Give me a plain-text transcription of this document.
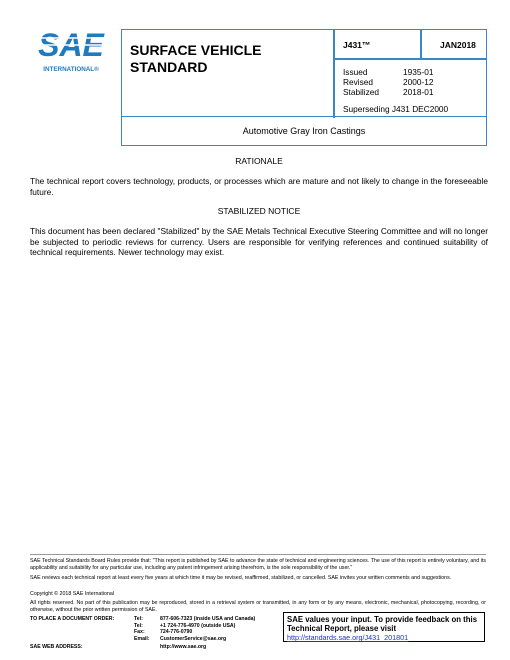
SAE
INTERNATIONAL®
SURFACE VEHICLE
STANDARD
J431™	JAN2018
Issued	1935-01
Revised	2000-12
Stabilized	2018-01
Superseding J431 DEC2000
Automotive Gray Iron Castings
RATIONALE
The technical report covers technology, products, or processes which are mature and not likely to change in the foreseeable future.
STABILIZED NOTICE
This document has been declared "Stabilized" by the SAE Metals Technical Executive Steering Committee and will no longer be subjected to periodic reviews for currency. Users are responsible for verifying references and continued suitability of technical requirements. Newer technology may exist.
SAE Technical Standards Board Rules provide that: "This report is published by SAE to advance the state of technical and engineering sciences. The use of this report is entirely voluntary, and its applicability and suitability for any particular use, including any patent infringement arising therefrom, is the sole responsibility of the user."
SAE reviews each technical report at least every five years at which time it may be revised, reaffirmed, stabilized, or cancelled. SAE invites your written comments and suggestions.
Copyright © 2018 SAE International
All rights reserved. No part of this publication may be reproduced, stored in a retrieval system or transmitted, in any form or by any means, electronic, mechanical, photocopying, recording, or otherwise, without the prior written permission of SAE.
TO PLACE A DOCUMENT ORDER:	Tel:	877-606-7323 (inside USA and Canada)
Tel:	+1 724-776-4970 (outside USA)
Fax:	724-776-0790
Email:	CustomerService@sae.org
SAE WEB ADDRESS:	http://www.sae.org
SAE values your input. To provide feedback on this Technical Report, please visit
http://standards.sae.org/J431_201801
